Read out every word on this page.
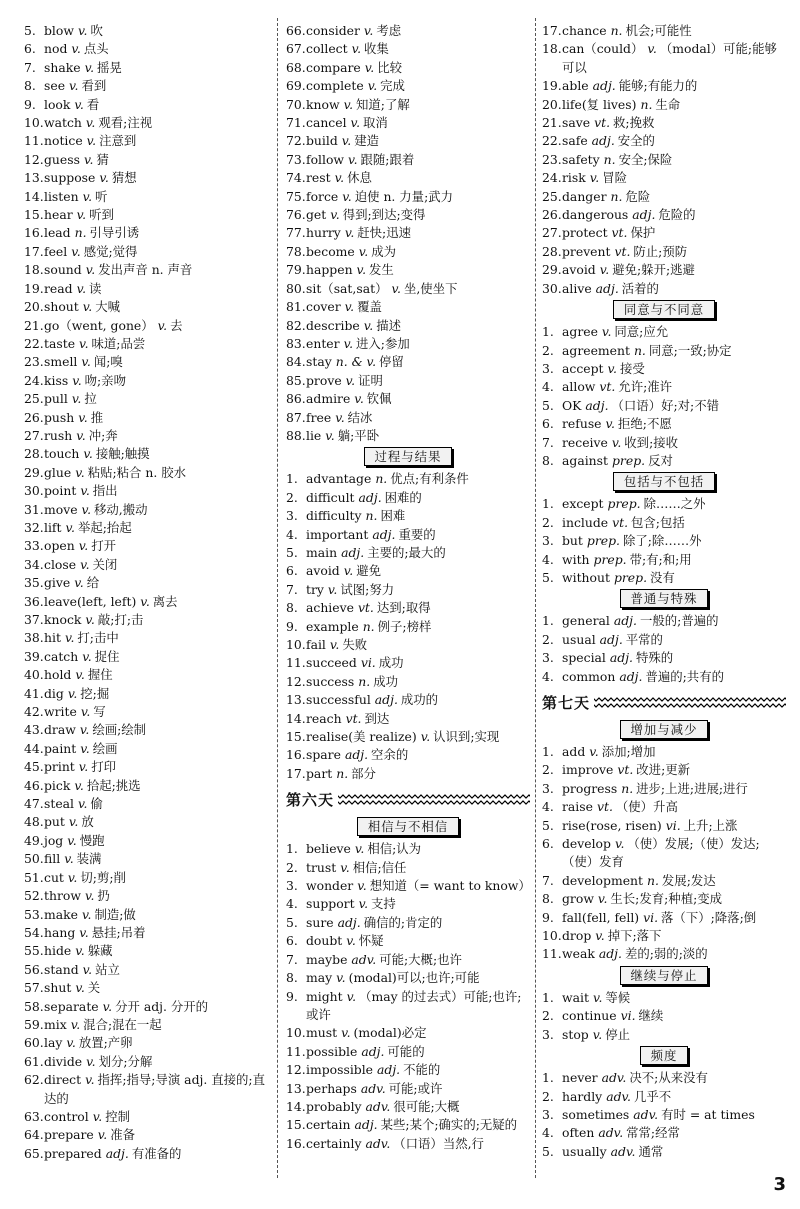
5. blow v. 吹
6. nod v. 点头
7. shake v. 摇晃
8. see v. 看到
9. look v. 看
10. watch v. 观看;注视
11. notice v. 注意到
12. guess v. 猜
13. suppose v. 猜想
14. listen v. 听
15. hear v. 听到
16. lead n. 引导引诱
17. feel v. 感觉;觉得
18. sound v. 发出声音 n. 声音
19. read v. 读
20. shout v. 大喊
21. go（went, gone） v. 去
22. taste v. 味道;品尝
23. smell v. 闻;嗅
24. kiss v. 吻;亲吻
25. pull v. 拉
26. push v. 推
27. rush v. 冲;奔
28. touch v. 接触;触摸
29. glue v. 粘贴;粘合 n. 胶水
30. point v. 指出
31. move v. 移动,搬动
32. lift v. 举起;抬起
33. open v. 打开
34. close v. 关闭
35. give v. 给
36. leave(left, left) v. 离去
37. knock v. 敲;打;击
38. hit v. 打;击中
39. catch v. 捉住
40. hold v. 握住
41. dig v. 挖;掘
42. write v. 写
43. draw v. 绘画;绘制
44. paint v. 绘画
45. print v. 打印
46. pick v. 拾起;挑选
47. steal v. 偷
48. put v. 放
49. jog v. 慢跑
50. fill v. 装满
51. cut v. 切;剪;削
52. throw v. 扔
53. make v. 制造;做
54. hang v. 悬挂;吊着
55. hide v. 躲藏
56. stand v. 站立
57. shut v. 关
58. separate v. 分开 adj. 分开的
59. mix v. 混合;混在一起
60. lay v. 放置;产卵
61. divide v. 划分;分解
62. direct v. 指挥;指导;导演 adj. 直接的;直达的
63. control v. 控制
64. prepare v. 准备
65. prepared adj. 有准备的
66. consider v. 考虑
67. collect v. 收集
68. compare v. 比较
69. complete v. 完成
70. know v. 知道;了解
71. cancel v. 取消
72. build v. 建造
73. follow v. 跟随;跟着
74. rest v. 休息
75. force v. 迫使 n. 力量;武力
76. get v. 得到;到达;变得
77. hurry v. 赶快;迅速
78. become v. 成为
79. happen v. 发生
80. sit（sat,sat） v. 坐,使坐下
81. cover v. 覆盖
82. describe v. 描述
83. enter v. 进入;参加
84. stay n. & v. 停留
85. prove v. 证明
86. admire v. 钦佩
87. free v. 结冰
88. lie v. 躺;平卧
过程与结果
1. advantage n. 优点;有利条件
2. difficult adj. 困难的
3. difficulty n. 困难
4. important adj. 重要的
5. main adj. 主要的;最大的
6. avoid v. 避免
7. try v. 试图;努力
8. achieve vt. 达到;取得
9. example n. 例子;榜样
10. fail v. 失败
11. succeed vi. 成功
12. success n. 成功
13. successful adj. 成功的
14. reach vt. 到达
15. realise(美 realize) v. 认识到;实现
16. spare adj. 空余的
17. part n. 部分
第六天
相信与不相信
1. believe v. 相信;认为
2. trust v. 相信;信任
3. wonder v. 想知道（= want to know）
4. support v. 支持
5. sure adj. 确信的;肯定的
6. doubt v. 怀疑
7. maybe adv. 可能;大概;也许
8. may v. (modal)可以;也许;可能
9. might v. （may 的过去式）可能;也许;或许
10. must v. (modal)必定
11. possible adj. 可能的
12. impossible adj. 不能的
13. perhaps adv. 可能;或许
14. probably adv. 很可能;大概
15. certain adj. 某些;某个;确实的;无疑的
16. certainly adv. （口语）当然,行
17. chance n. 机会;可能性
18. can（could） v. （modal）可能;能够可以
19. able adj. 能够;有能力的
20. life(复 lives) n. 生命
21. save vt. 救;挽救
22. safe adj. 安全的
23. safety n. 安全;保险
24. risk v. 冒险
25. danger n. 危险
26. dangerous adj. 危险的
27. protect vt. 保护
28. prevent vt. 防止;预防
29. avoid v. 避免;躲开;逃避
30. alive adj. 活着的
同意与不同意
1. agree v. 同意;应允
2. agreement n. 同意;一致;协定
3. accept v. 接受
4. allow vt. 允许;准许
5. OK adj. （口语）好;对;不错
6. refuse v. 拒绝;不愿
7. receive v. 收到;接收
8. against prep. 反对
包括与不包括
1. except prep. 除……之外
2. include vt. 包含;包括
3. but prep. 除了;除……外
4. with prep. 带;有;和;用
5. without prep. 没有
普通与特殊
1. general adj. 一般的;普遍的
2. usual adj. 平常的
3. special adj. 特殊的
4. common adj. 普遍的;共有的
第七天
增加与减少
1. add v. 添加;增加
2. improve vt. 改进;更新
3. progress n. 进步;上进;进展;进行
4. raise vt. （使）升高
5. rise(rose, risen) vi. 上升;上涨
6. develop v. （使）发展;（使）发达;（使）发育
7. development n. 发展;发达
8. grow v. 生长;发育;种植;变成
9. fall(fell, fell) vi. 落（下）;降落;倒
10. drop v. 掉下;落下
11. weak adj. 差的;弱的;淡的
继续与停止
1. wait v. 等候
2. continue vi. 继续
3. stop v. 停止
频度
1. never adv. 决不;从来没有
2. hardly adv. 几乎不
3. sometimes adv. 有时 = at times
4. often adv. 常常;经常
5. usually adv. 通常
3
